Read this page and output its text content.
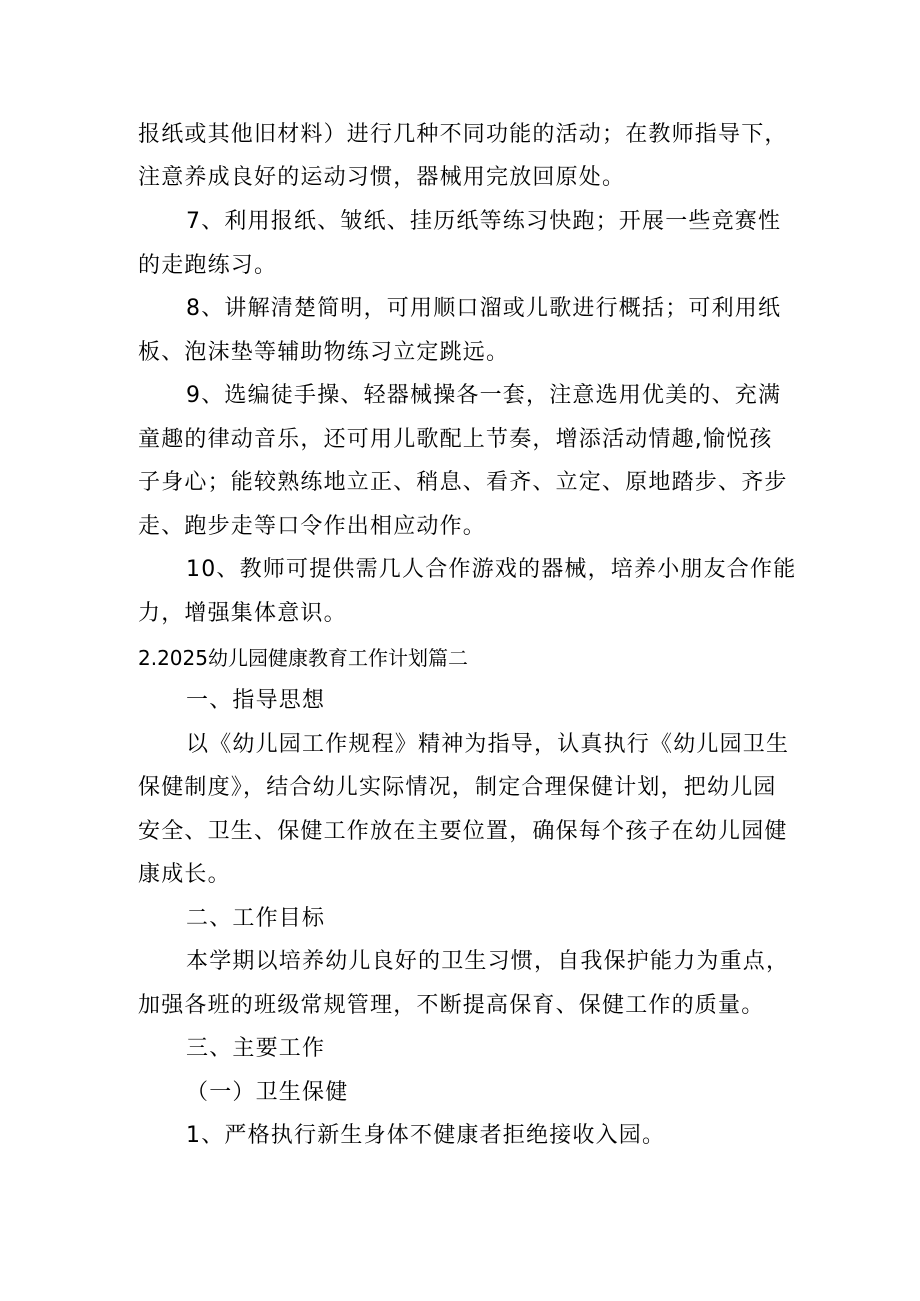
报纸或其他旧材料）进行几种不同功能的活动；在教师指导下，
注意养成良好的运动习惯，器械用完放回原处。
7、利用报纸、皱纸、挂历纸等练习快跑；开展一些竞赛性
的走跑练习。
8、讲解清楚简明，可用顺口溜或儿歌进行概括；可利用纸
板、泡沫垫等辅助物练习立定跳远。
9、选编徒手操、轻器械操各一套，注意选用优美的、充满
童趣的律动音乐，还可用儿歌配上节奏，增添活动情趣,愉悦孩
子身心；能较熟练地立正、稍息、看齐、立定、原地踏步、齐步
走、跑步走等口令作出相应动作。
10、教师可提供需几人合作游戏的器械，培养小朋友合作能
力，增强集体意识。
2.2025幼儿园健康教育工作计划篇二
一、指导思想
以《幼儿园工作规程》精神为指导，认真执行《幼儿园卫生
保健制度》，结合幼儿实际情况，制定合理保健计划，把幼儿园
安全、卫生、保健工作放在主要位置，确保每个孩子在幼儿园健
康成长。
二、工作目标
本学期以培养幼儿良好的卫生习惯，自我保护能力为重点，
加强各班的班级常规管理，不断提高保育、保健工作的质量。
三、主要工作
（一）卫生保健
1、严格执行新生身体不健康者拒绝接收入园。
